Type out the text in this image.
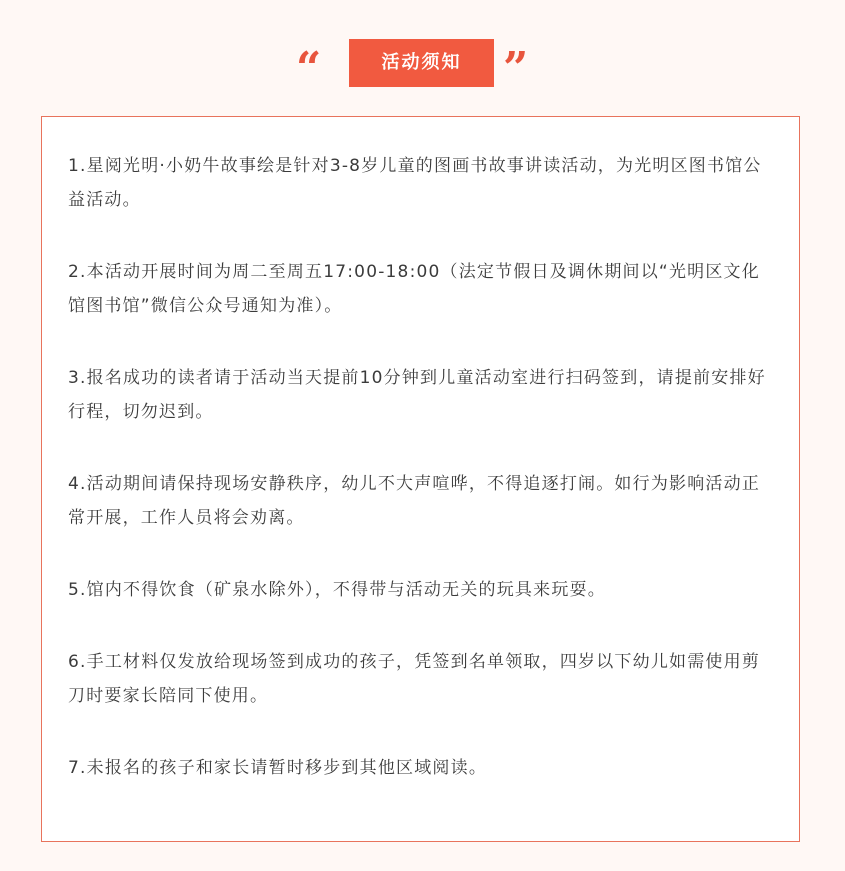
“	活动须知 ”

1.星阅光明·小奶牛故事绘是针对3-8岁儿童的图画书故事讲读活动，为光明区图书馆公益活动。

2.本活动开展时间为周二至周五17:00-18:00（法定节假日及调休期间以“光明区文化馆图书馆”微信公众号通知为准）。

3.报名成功的读者请于活动当天提前10分钟到儿童活动室进行扫码签到，请提前安排好行程，切勿迟到。

4.活动期间请保持现场安静秩序，幼儿不大声喧哗，不得追逐打闹。如行为影响活动正常开展，工作人员将会劝离。

5.馆内不得饮食（矿泉水除外），不得带与活动无关的玩具来玩耍。

6.手工材料仅发放给现场签到成功的孩子，凭签到名单领取，四岁以下幼儿如需使用剪刀时要家长陪同下使用。

7.未报名的孩子和家长请暂时移步到其他区域阅读。
